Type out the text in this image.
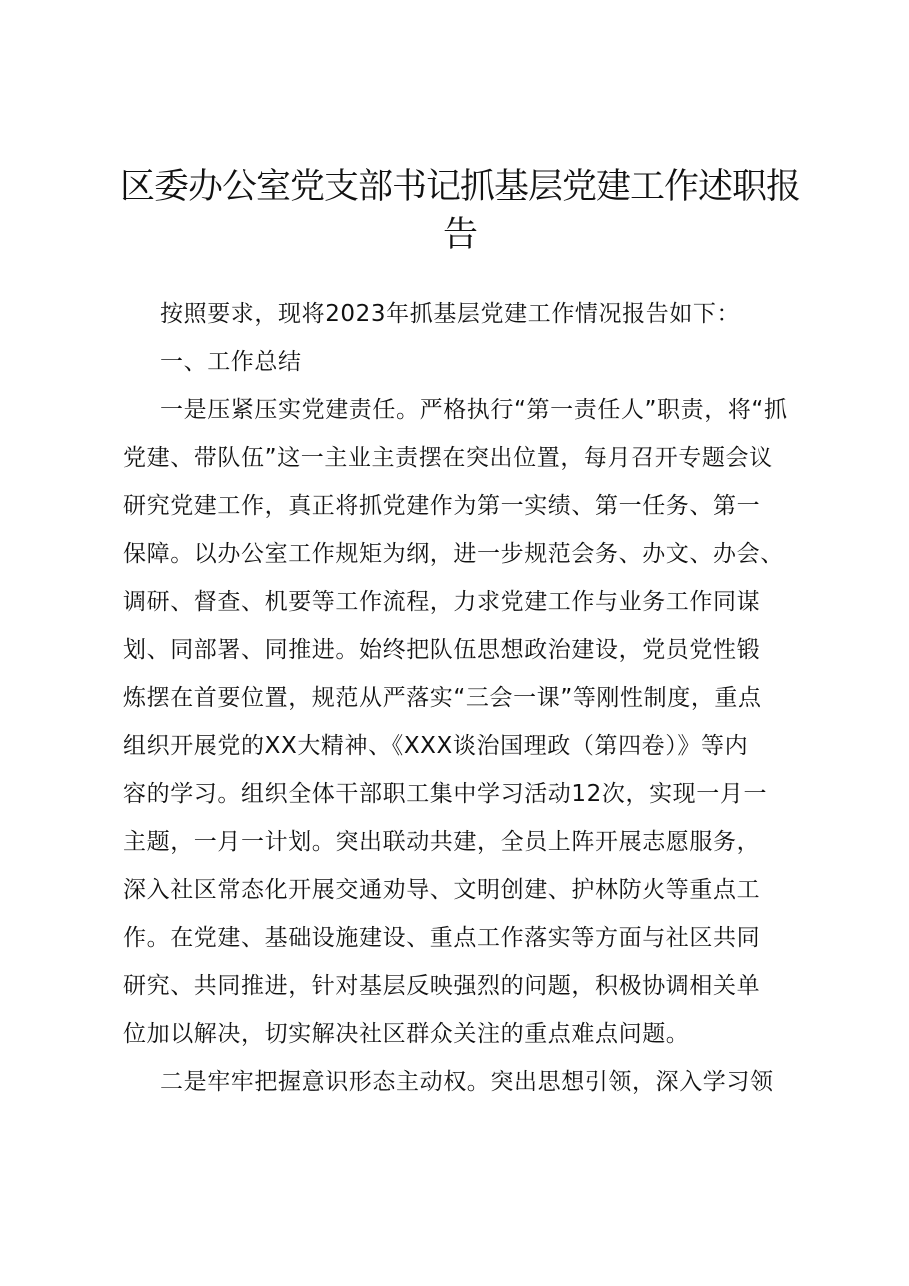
区委办公室党支部书记抓基层党建工作述职报
告
按照要求，现将2023年抓基层党建工作情况报告如下：
一、工作总结
一是压紧压实党建责任。严格执行“第一责任人”职责，将“抓
党建、带队伍”这一主业主责摆在突出位置，每月召开专题会议
研究党建工作，真正将抓党建作为第一实绩、第一任务、第一
保障。以办公室工作规矩为纲，进一步规范会务、办文、办会、
调研、督查、机要等工作流程，力求党建工作与业务工作同谋
划、同部署、同推进。始终把队伍思想政治建设，党员党性锻
炼摆在首要位置，规范从严落实“三会一课”等刚性制度，重点
组织开展党的XX大精神、《XXX谈治国理政（第四卷）》等内
容的学习。组织全体干部职工集中学习活动12次，实现一月一
主题，一月一计划。突出联动共建，全员上阵开展志愿服务，
深入社区常态化开展交通劝导、文明创建、护林防火等重点工
作。在党建、基础设施建设、重点工作落实等方面与社区共同
研究、共同推进，针对基层反映强烈的问题，积极协调相关单
位加以解决，切实解决社区群众关注的重点难点问题。
二是牢牢把握意识形态主动权。突出思想引领，深入学习领
